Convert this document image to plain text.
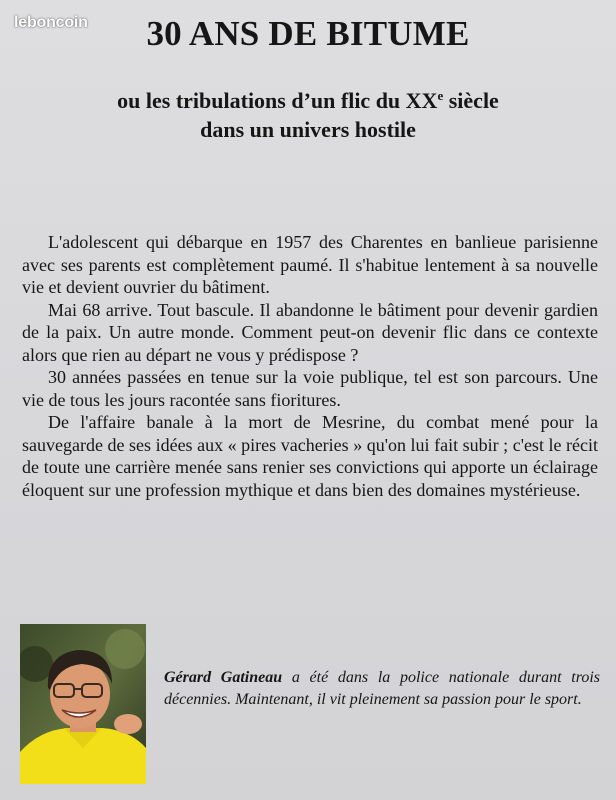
leboncoin	30 ANS DE BITUME
ou les tribulations d’un flic du XXe siècle
dans un univers hostile

L'adolescent qui débarque en 1957 des Charentes en banlieue parisienne avec ses parents est complètement paumé. Il s'habitue lentement à sa nouvelle vie et devient ouvrier du bâtiment.

Mai 68 arrive. Tout bascule. Il abandonne le bâtiment pour devenir gardien de la paix. Un autre monde. Comment peut-on devenir flic dans ce contexte alors que rien au départ ne vous y prédispose ?

30 années passées en tenue sur la voie publique, tel est son parcours. Une vie de tous les jours racontée sans fioritures.

De l'affaire banale à la mort de Mesrine, du combat mené pour la sauvegarde de ses idées aux « pires vacheries » qu'on lui fait subir ; c'est le récit de toute une carrière menée sans renier ses convictions qui apporte un éclairage éloquent sur une profession mythique et dans bien des domaines mystérieuse.

Gérard Gatineau a été dans la police nationale durant trois décennies. Maintenant, il vit pleinement sa passion pour le sport.
